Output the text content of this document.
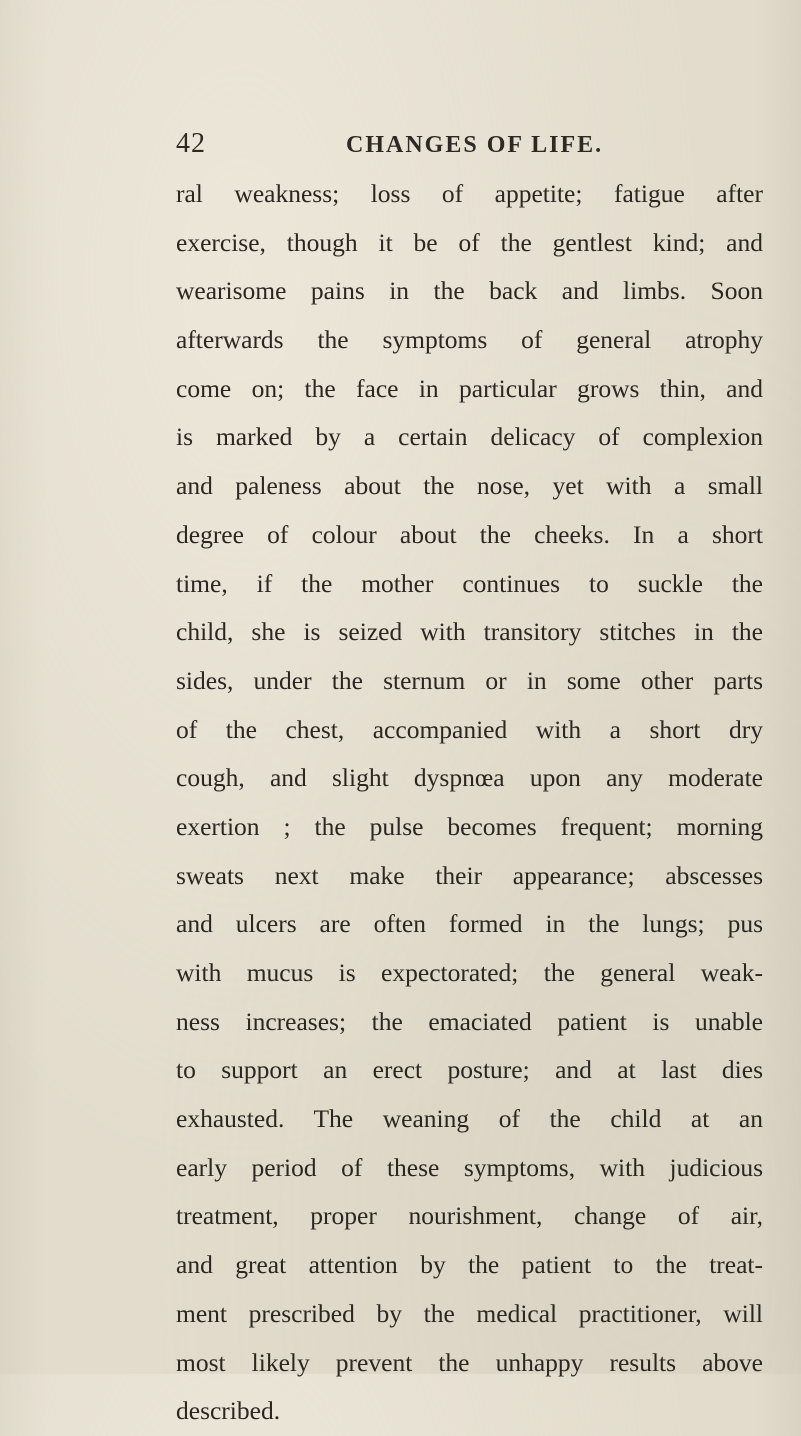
42	CHANGES OF LIFE.
ral weakness; loss of appetite; fatigue after
exercise, though it be of the gentlest kind; and
wearisome pains in the back and limbs. Soon
afterwards the symptoms of general atrophy
come on; the face in particular grows thin, and
is marked by a certain delicacy of complexion
and paleness about the nose, yet with a small
degree of colour about the cheeks. In a short
time, if the mother continues to suckle the
child, she is seized with transitory stitches in the
sides, under the sternum or in some other parts
of the chest, accompanied with a short dry
cough, and slight dyspnœa upon any moderate
exertion ; the pulse becomes frequent; morning
sweats next make their appearance; abscesses
and ulcers are often formed in the lungs; pus
with mucus is expectorated; the general weak-
ness increases; the emaciated patient is unable
to support an erect posture; and at last dies
exhausted. The weaning of the child at an
early period of these symptoms, with judicious
treatment, proper nourishment, change of air,
and great attention by the patient to the treat-
ment prescribed by the medical practitioner, will
most likely prevent the unhappy results above
described.
